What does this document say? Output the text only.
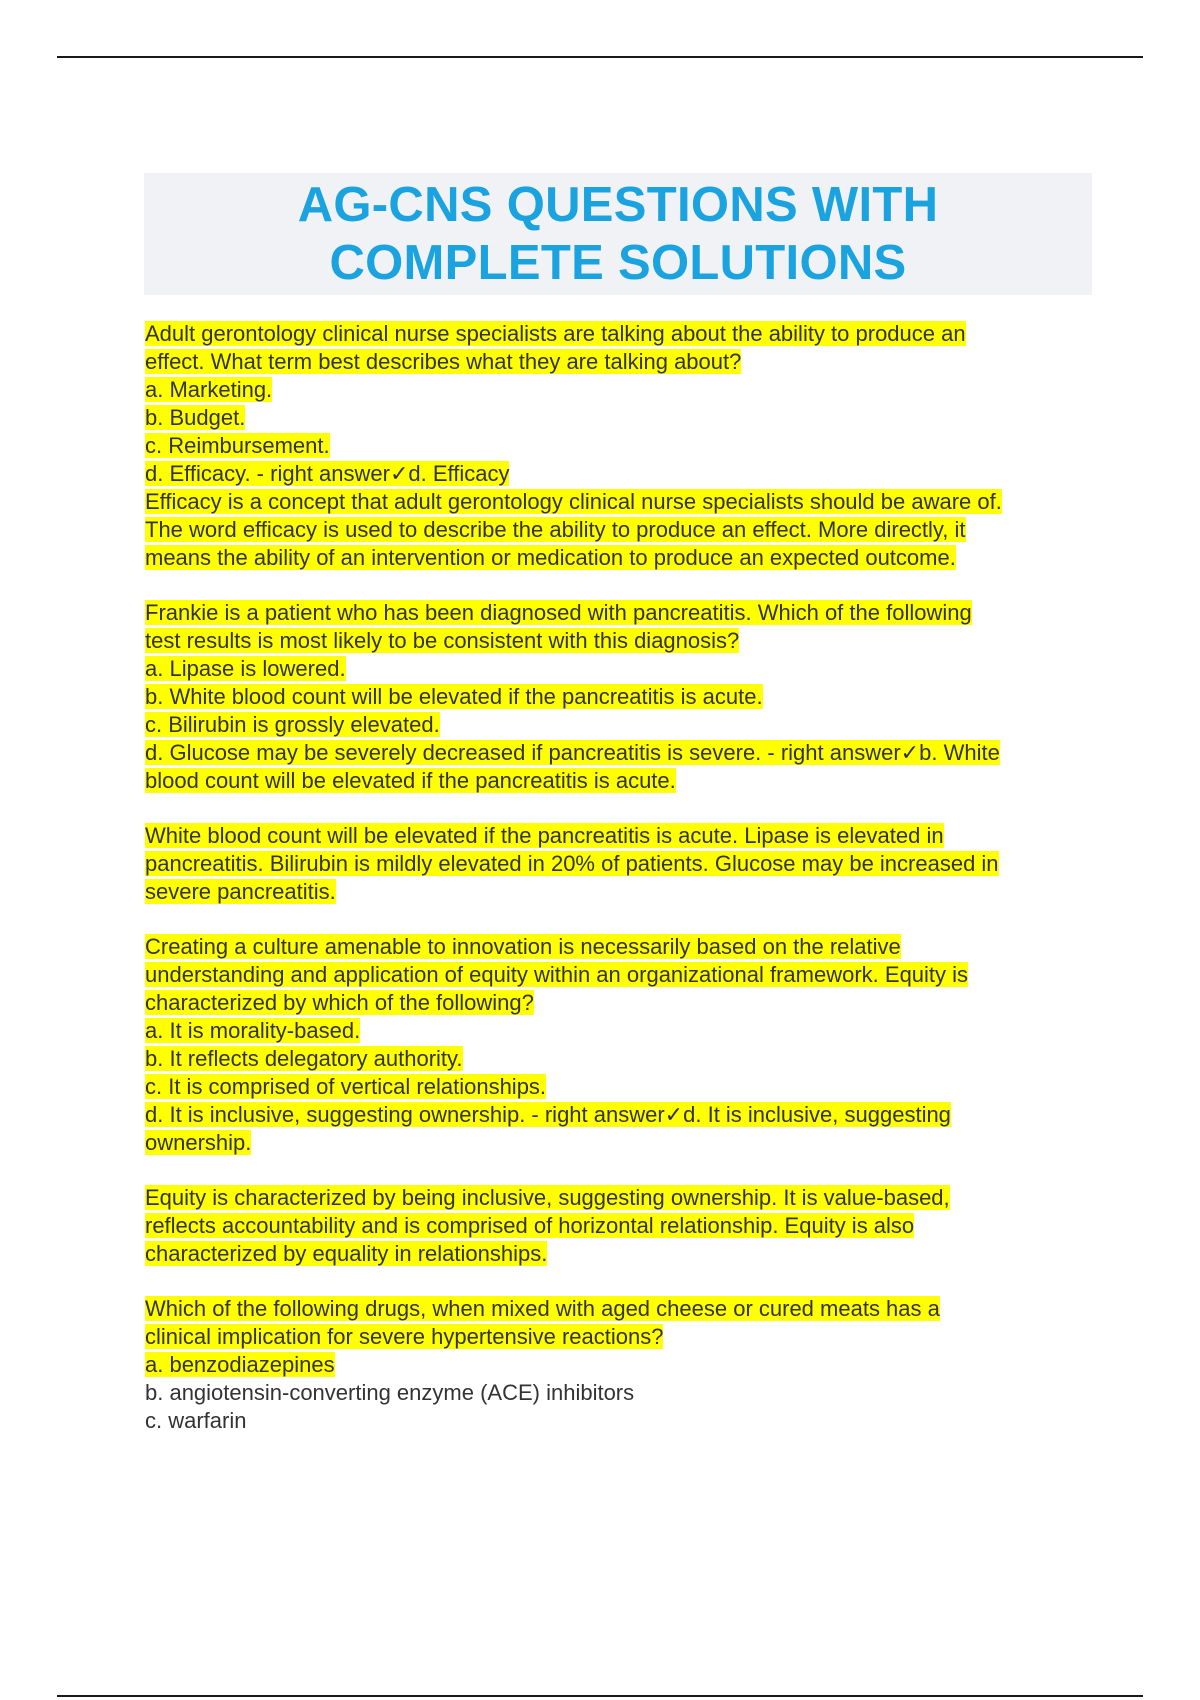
AG-CNS QUESTIONS WITH
COMPLETE SOLUTIONS
Adult gerontology clinical nurse specialists are talking about the ability to produce an
effect. What term best describes what they are talking about?
a. Marketing.
b. Budget.
c. Reimbursement.
d. Efficacy. - right answer✓d. Efficacy
Efficacy is a concept that adult gerontology clinical nurse specialists should be aware of.
The word efficacy is used to describe the ability to produce an effect. More directly, it
means the ability of an intervention or medication to produce an expected outcome.
Frankie is a patient who has been diagnosed with pancreatitis. Which of the following
test results is most likely to be consistent with this diagnosis?
a. Lipase is lowered.
b. White blood count will be elevated if the pancreatitis is acute.
c. Bilirubin is grossly elevated.
d. Glucose may be severely decreased if pancreatitis is severe. - right answer✓b. White
blood count will be elevated if the pancreatitis is acute.
White blood count will be elevated if the pancreatitis is acute. Lipase is elevated in
pancreatitis. Bilirubin is mildly elevated in 20% of patients. Glucose may be increased in
severe pancreatitis.
Creating a culture amenable to innovation is necessarily based on the relative
understanding and application of equity within an organizational framework. Equity is
characterized by which of the following?
a. It is morality-based.
b. It reflects delegatory authority.
c. It is comprised of vertical relationships.
d. It is inclusive, suggesting ownership. - right answer✓d. It is inclusive, suggesting
ownership.
Equity is characterized by being inclusive, suggesting ownership. It is value-based,
reflects accountability and is comprised of horizontal relationship. Equity is also
characterized by equality in relationships.
Which of the following drugs, when mixed with aged cheese or cured meats has a
clinical implication for severe hypertensive reactions?
a. benzodiazepines
b. angiotensin-converting enzyme (ACE) inhibitors
c. warfarin
